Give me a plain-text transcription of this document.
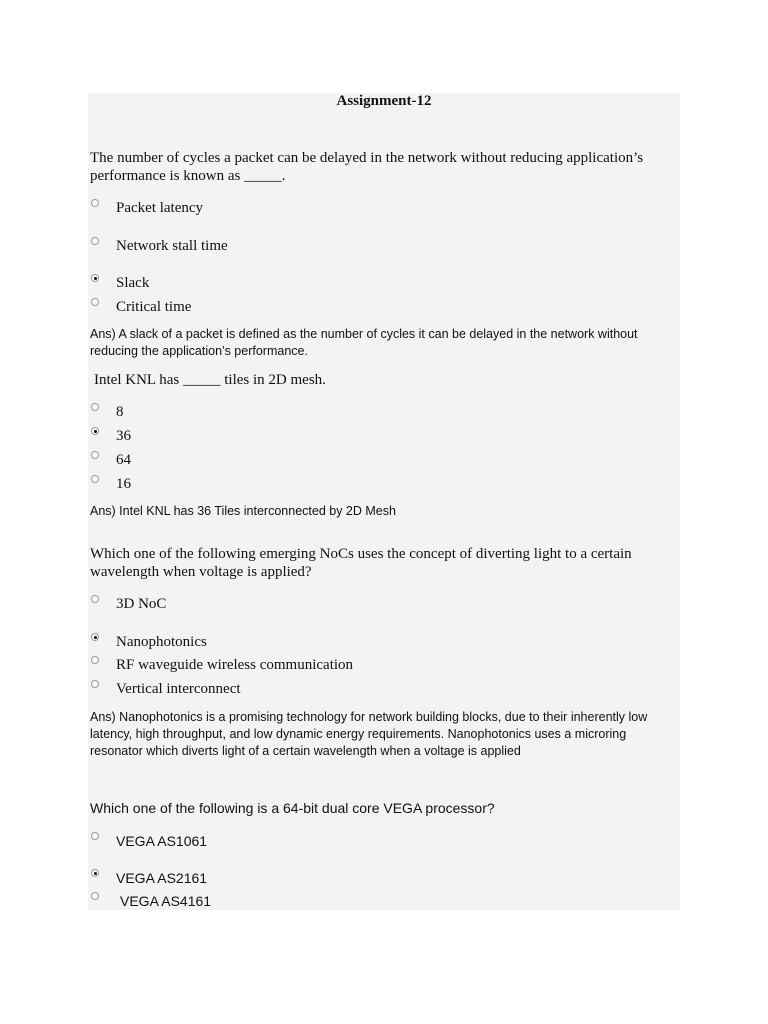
Assignment-12
The number of cycles a packet can be delayed in the network without reducing application’s performance is known as _____.
Packet latency
Network stall time
Slack
Critical time
Ans) A slack of a packet is defined as the number of cycles it can be delayed in the network without reducing the application’s performance.
Intel KNL has _____ tiles in 2D mesh.
8
36
64
16
Ans) Intel KNL has 36 Tiles interconnected by 2D Mesh
Which one of the following emerging NoCs uses the concept of diverting light to a certain wavelength when voltage is applied?
3D NoC
Nanophotonics
RF waveguide wireless communication
Vertical interconnect
Ans) Nanophotonics is a promising technology for network building blocks, due to their inherently low latency, high throughput, and low dynamic energy requirements. Nanophotonics uses a microring resonator which diverts light of a certain wavelength when a voltage is applied
Which one of the following is a 64-bit dual core VEGA processor?
VEGA AS1061
VEGA AS2161
VEGA AS4161
